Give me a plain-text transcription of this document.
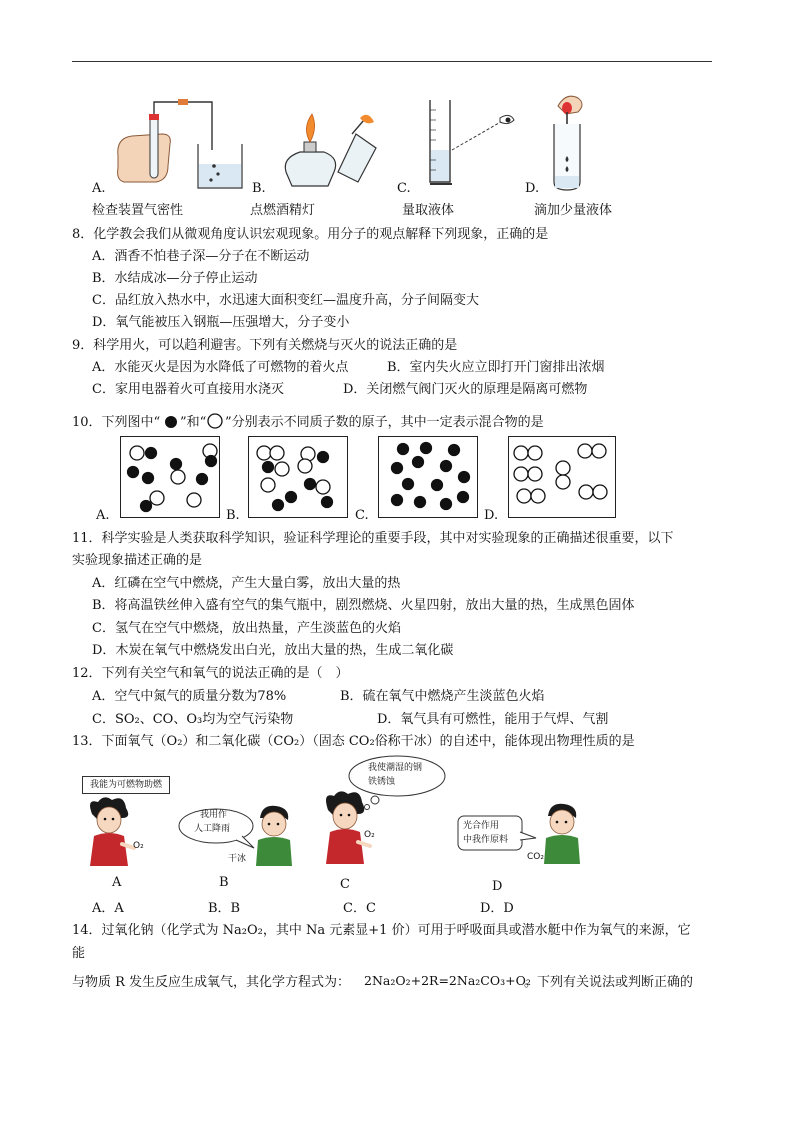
A.
检查装置气密性
B.
点燃酒精灯
C.
量取液体
D.
滴加少量液体
8．化学教会我们从微观角度认识宏观现象。用分子的观点解释下列现象，正确的是
A．酒香不怕巷子深—分子在不断运动
B．水结成冰—分子停止运动
C．品红放入热水中，水迅速大面积变红—温度升高，分子间隔变大
D．氧气能被压入钢瓶—压强增大，分子变小
9．科学用火，可以趋利避害。下列有关燃烧与灭火的说法正确的是
A．水能灭火是因为水降低了可燃物的着火点	B．室内失火应立即打开门窗排出浓烟
C．家用电器着火可直接用水浇灭	D．关闭燃气阀门灭火的原理是隔离可燃物
10．下列图中“ ”和“ ”分别表示不同质子数的原子，其中一定表示混合物的是
A.	B.	C.	D.
11．科学实验是人类获取科学知识，验证科学理论的重要手段，其中对实验现象的正确描述很重要，以下
实验现象描述正确的是
A．红磷在空气中燃烧，产生大量白雾，放出大量的热
B．将高温铁丝伸入盛有空气的集气瓶中，剧烈燃烧、火星四射，放出大量的热，生成黑色固体
C．氢气在空气中燃烧，放出热量，产生淡蓝色的火焰
D．木炭在氧气中燃烧发出白光，放出大量的热，生成二氧化碳
12．下列有关空气和氧气的说法正确的是（　）
A．空气中氮气的质量分数为78%	B．硫在氧气中燃烧产生淡蓝色火焰
C．SO₂、CO、O₃均为空气污染物	D．氧气具有可燃性，能用于气焊、气割
13．下面氧气（O₂）和二氧化碳（CO₂）（固态 CO₂俗称干冰）的自述中，能体现出物理性质的是
我能为可燃物助燃
我用作
人工降雨
我使潮湿的钢
铁锈蚀
光合作用
中我作原料
O₂
干冰
O₂
CO₂
A	B	C	D
A．A	B．B	C．C	D．D
14．过氧化钠（化学式为 Na₂O₂，其中 Na 元素显+1 价）可用于呼吸面具或潜水艇中作为氧气的来源，它
能
与物质 R 发生反应生成氧气，其化学方程式为： 2Na₂O₂+2R=2Na₂CO₃+O₂
。下列有关说法或判断正确的
